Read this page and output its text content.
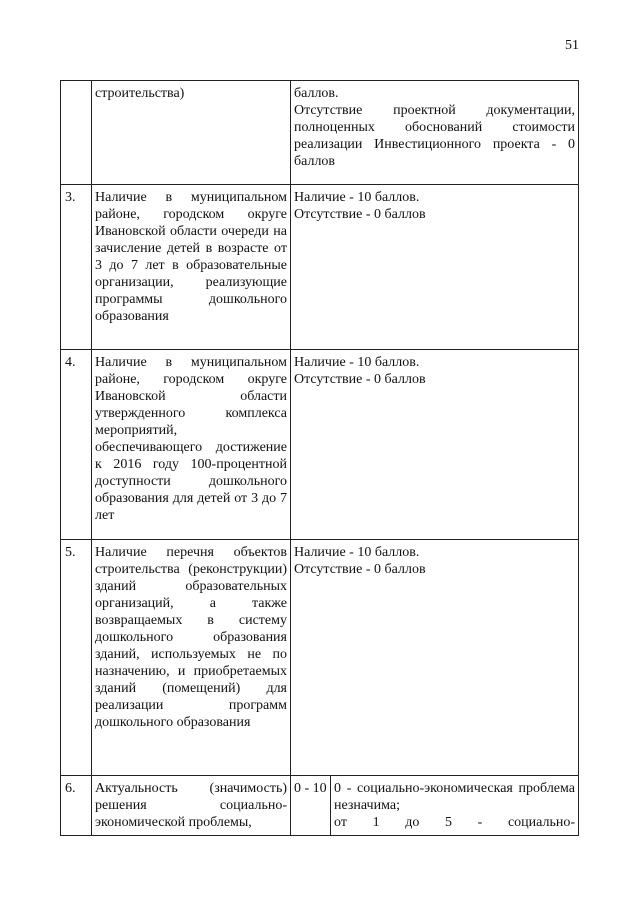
51
	строительства)	баллов.
Отсутствие проектной документации, полноценных обоснований стоимости реализации Инвестиционного проекта - 0 баллов	

3.	Наличие в муниципальном районе, городском округе Ивановской области очереди на зачисление детей в возрасте от 3 до 7 лет в образовательные организации, реализующие программы дошкольного образования	Наличие - 10 баллов.
Отсутствие - 0 баллов	

4.	Наличие в муниципальном районе, городском округе Ивановской области утвержденного комплекса мероприятий, обеспечивающего достижение к 2016 году 100-процентной доступности дошкольного образования для детей от 3 до 7 лет	Наличие - 10 баллов.
Отсутствие - 0 баллов	

5.	Наличие перечня объектов строительства (реконструкции) зданий образовательных организаций, а также возвращаемых в систему дошкольного образования зданий, используемых не по назначению, и приобретаемых зданий (помещений) для реализации программ дошкольного образования	Наличие - 10 баллов.
Отсутствие - 0 баллов	

6.	Актуальность (значимость) решения социально-экономической проблемы,	0 - 10	0 - социально-экономическая проблема незначима;
от 1 до 5 - социально-
